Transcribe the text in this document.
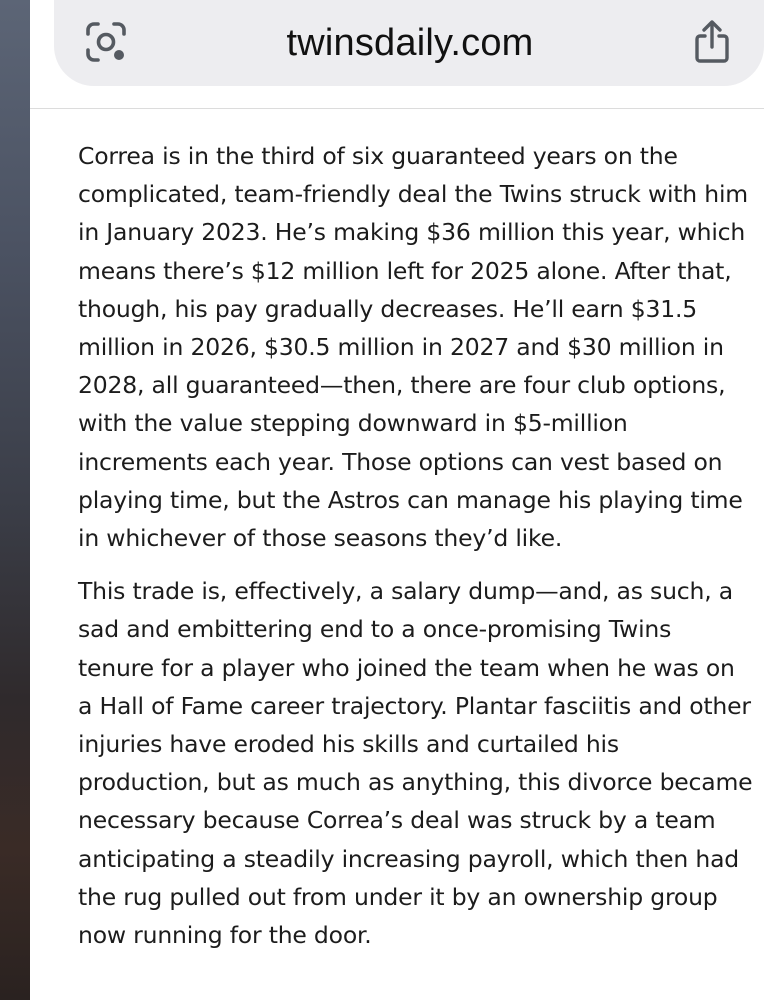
twinsdaily.com

Correa is in the third of six guaranteed years on the complicated, team-friendly deal the Twins struck with him in January 2023. He’s making $36 million this year, which means there’s $12 million left for 2025 alone. After that, though, his pay gradually decreases. He’ll earn $31.5 million in 2026, $30.5 million in 2027 and $30 million in 2028, all guaranteed—then, there are four club options, with the value stepping downward in $5-million increments each year. Those options can vest based on playing time, but the Astros can manage his playing time in whichever of those seasons they’d like.

This trade is, effectively, a salary dump—and, as such, a sad and embittering end to a once-promising Twins tenure for a player who joined the team when he was on a Hall of Fame career trajectory. Plantar fasciitis and other injuries have eroded his skills and curtailed his production, but as much as anything, this divorce became necessary because Correa’s deal was struck by a team anticipating a steadily increasing payroll, which then had the rug pulled out from under it by an ownership group now running for the door.
